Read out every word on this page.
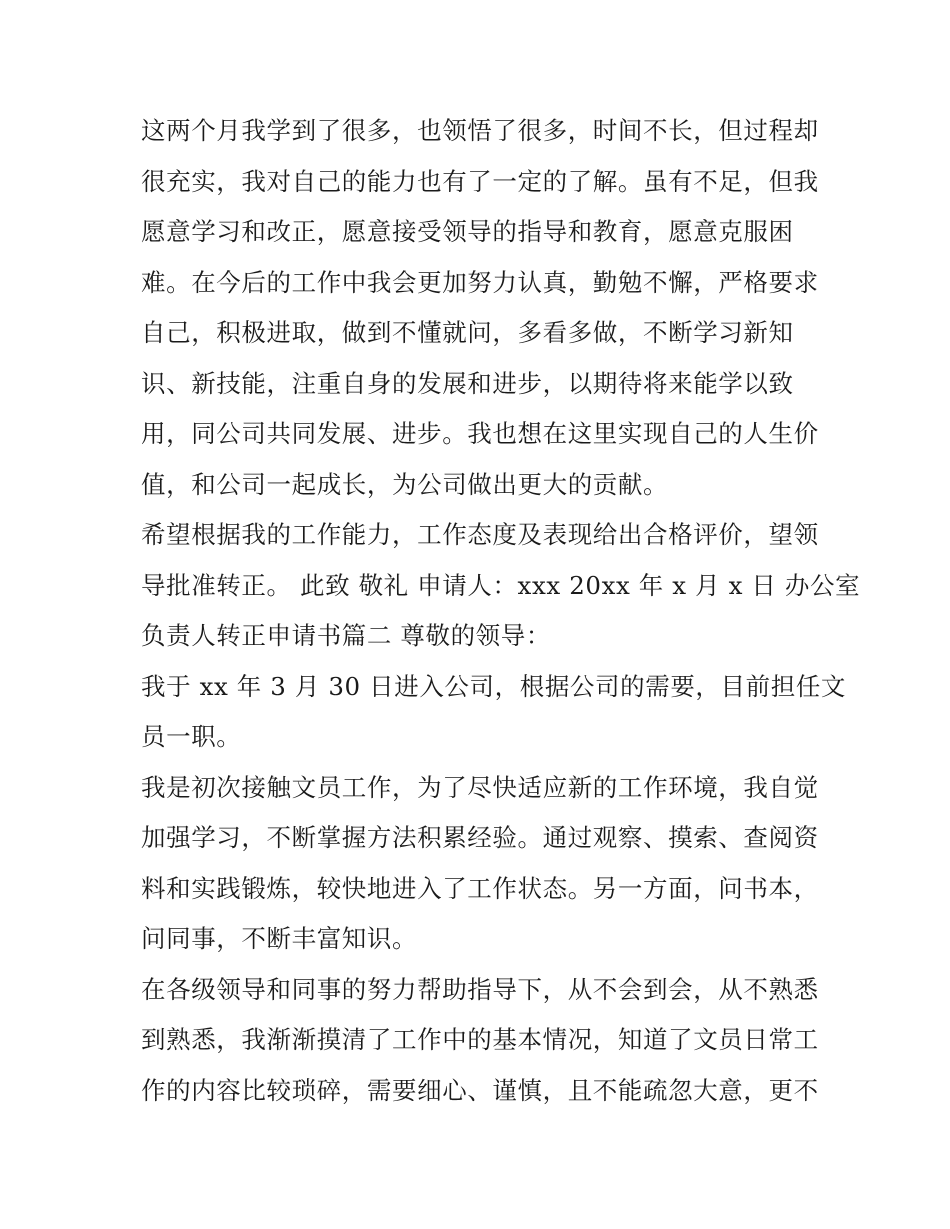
这两个月我学到了很多，也领悟了很多，时间不长，但过程却
很充实，我对自己的能力也有了一定的了解。虽有不足，但我
愿意学习和改正，愿意接受领导的指导和教育，愿意克服困
难。在今后的工作中我会更加努力认真，勤勉不懈，严格要求
自己，积极进取，做到不懂就问，多看多做，不断学习新知
识、新技能，注重自身的发展和进步，以期待将来能学以致
用，同公司共同发展、进步。我也想在这里实现自己的人生价
值，和公司一起成长，为公司做出更大的贡献。
希望根据我的工作能力，工作态度及表现给出合格评价，望领
导批准转正。 此致 敬礼 申请人：xxx 20xx 年 x 月 x 日 办公室
负责人转正申请书篇二 尊敬的领导：
我于 xx 年 3 月 30 日进入公司，根据公司的需要，目前担任文
员一职。
我是初次接触文员工作，为了尽快适应新的工作环境，我自觉
加强学习，不断掌握方法积累经验。通过观察、摸索、查阅资
料和实践锻炼，较快地进入了工作状态。另一方面，问书本，
问同事，不断丰富知识。
在各级领导和同事的努力帮助指导下，从不会到会，从不熟悉
到熟悉，我渐渐摸清了工作中的基本情况，知道了文员日常工
作的内容比较琐碎，需要细心、谨慎，且不能疏忽大意，更不
